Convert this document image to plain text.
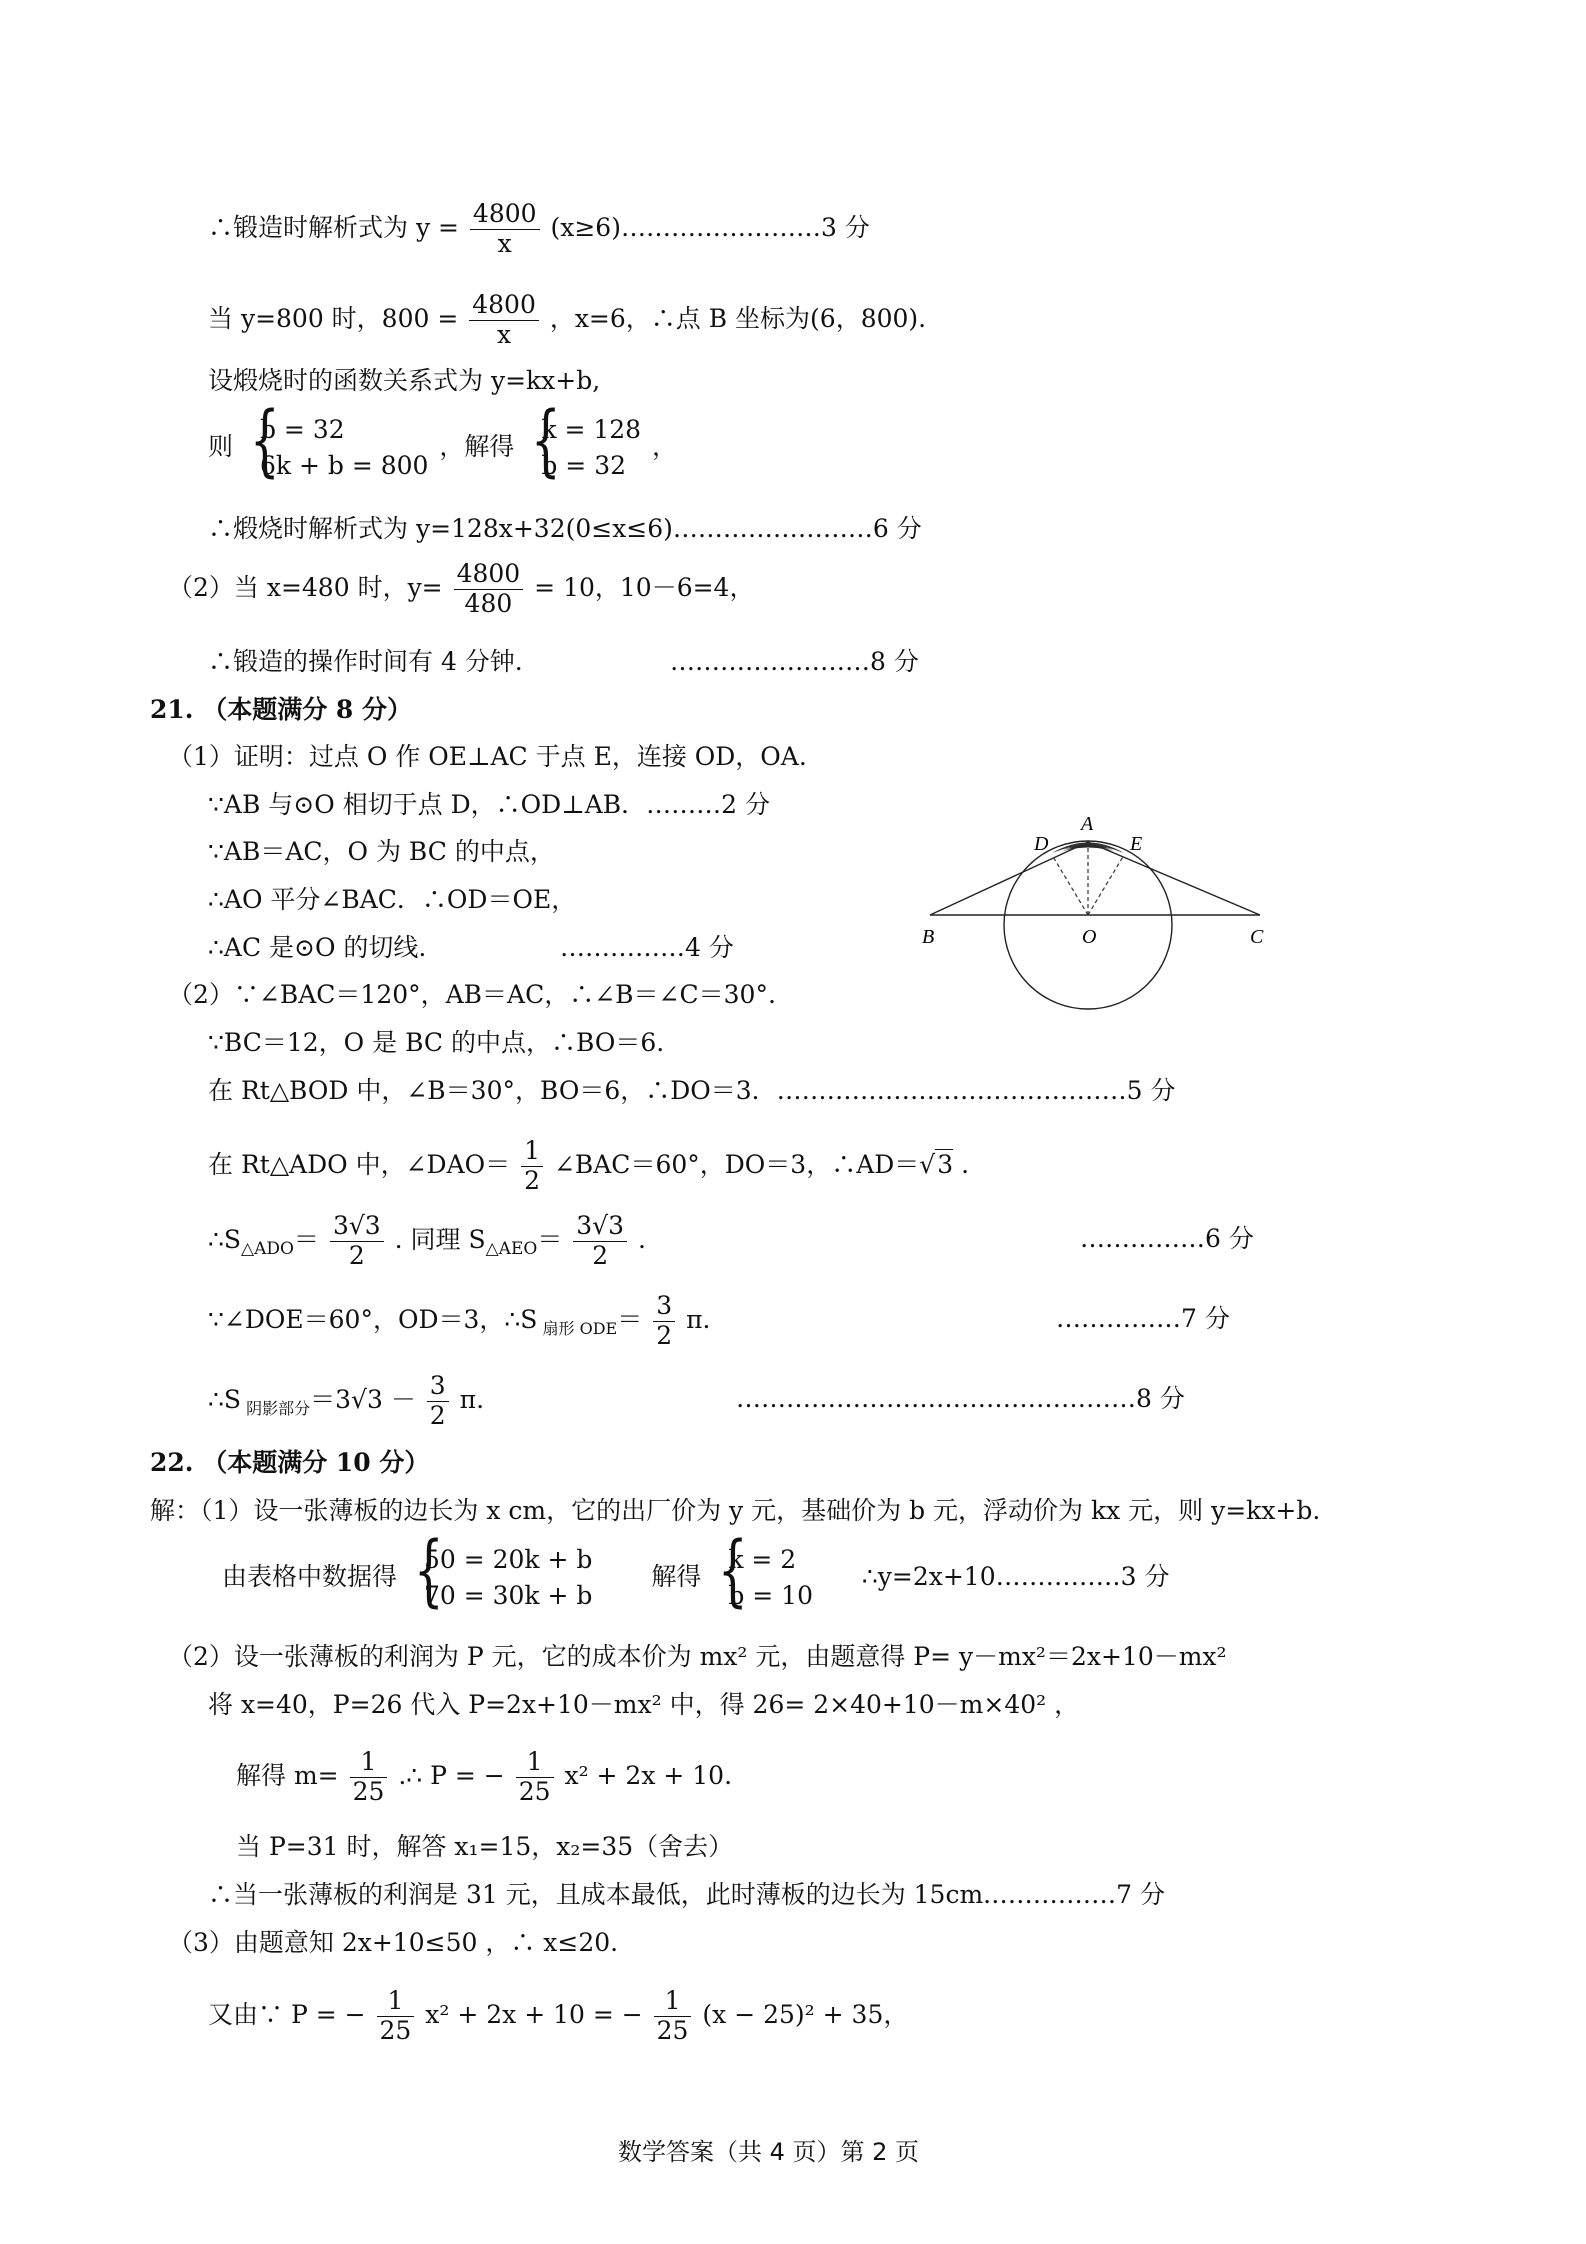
∴锻造时解析式为 $y = \frac{4800}{x}$ (x≥6)……………………3 分
当 y=800 时，$800 = \frac{4800}{x}$ ，x=6，∴点 B 坐标为(6，800).
设煅烧时的函数关系式为 y=kx+b,
则
{ b = 32
6k + b = 800
，解得
{ k = 128
b = 32
，
∴煅烧时解析式为 y=128x+32(0≤x≤6)……………………6 分
（2）当 x=480 时，$y= \frac{4800}{480} = 10$，10－6=4，
∴锻造的操作时间有 4 分钟.	……………………8 分
21. （本题满分 8 分）
（1）证明：过点 O 作 OE⊥AC 于点 E，连接 OD，OA.
∵AB 与⊙O 相切于点 D，∴OD⊥AB．………2 分
∵AB＝AC，O 为 BC 的中点，
∴AO 平分∠BAC．∴OD＝OE，
∴AC 是⊙O 的切线.	……………4 分
（2）∵∠BAC＝120°，AB＝AC，∴∠B＝∠C＝30°.
∵BC＝12，O 是 BC 的中点，∴BO＝6.
在 Rt△BOD 中，∠B＝30°，BO＝6，∴DO＝3．……………………………………5 分
在 Rt△ADO 中，∠DAO＝ $\frac{1}{2}$ ∠BAC＝60°，DO＝3，∴AD＝√3 .
$\therefore S_{\triangle ADO}= \frac{3√3}{2}$ . 同理 $S_{\triangle AEO}= \frac{3√3}{2}$ .	……………6 分
∵∠DOE＝60°，OD＝3，∴S $_{扇形 ODE}= \frac{3}{2} \pi$.	……………7 分
∴S $_{阴影部分}=3√3 - \frac{3}{2} \pi$.	…………………………………………8 分
A
D	E
B	O	C
22. （本题满分 10 分）
解：（1）设一张薄板的边长为 x cm，它的出厂价为 y 元，基础价为 b 元，浮动价为 kx 元，则 y=kx+b.
由表格中数据得
{ 50 = 20k + b
70 = 30k + b
解得
{ k = 2
b = 10
∴y=2x+10……………3 分
（2）设一张薄板的利润为 P 元，它的成本价为 mx² 元，由题意得 P= y－mx²＝2x+10－mx²
将 x=40，P=26 代入 P=2x+10－mx² 中，得 26= 2×40+10－m×40² ，
解得 $m= \frac{1}{25}$ .∴ P = − $\frac{1}{25} x^2 + 2x + 10$.
当 P=31 时，解答 x₁=15，x₂=35（舍去）
∴当一张薄板的利润是 31 元，且成本最低，此时薄板的边长为 15cm.……………7 分
（3）由题意知 2x+10≤50 ，∴ x≤20.
又由∵ P = − $\frac{1}{25} x^2 + 2x + 10$ = − $\frac{1}{25} (x - 25)^2 + 35$，
数学答案（共 4 页）第 2 页
